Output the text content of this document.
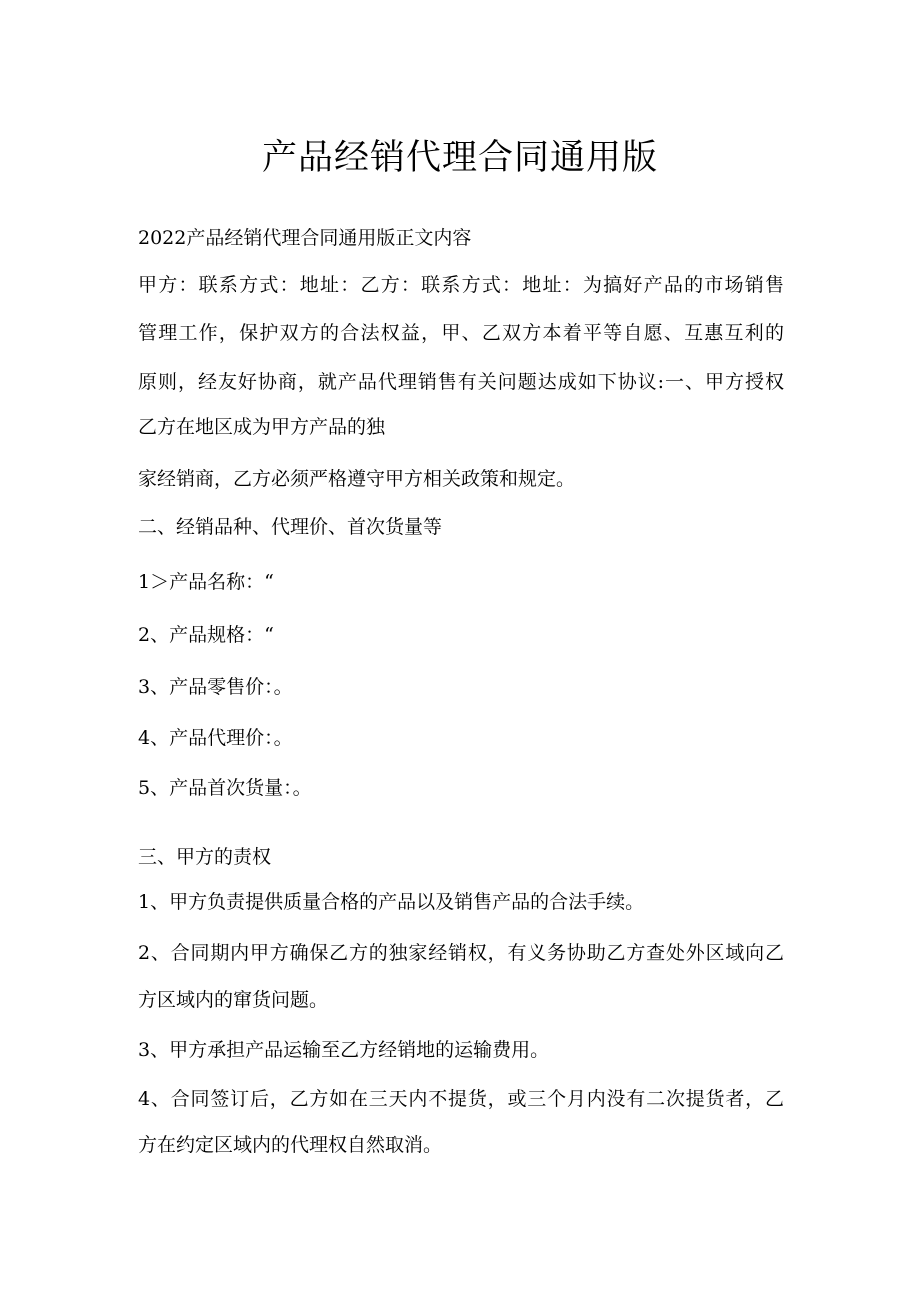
产品经销代理合同通用版
2022产品经销代理合同通用版正文内容
甲方：联系方式：地址：乙方：联系方式：地址：为搞好产品的市场销售
管理工作，保护双方的合法权益，甲、乙双方本着平等自愿、互惠互利的
原则，经友好协商，就产品代理销售有关问题达成如下协议:一、甲方授权
乙方在地区成为甲方产品的独
家经销商，乙方必须严格遵守甲方相关政策和规定。
二、经销品种、代理价、首次货量等
1＞产品名称：“
2、产品规格：“
3、产品零售价：。
4、产品代理价：。
5、产品首次货量：。
三、甲方的责权
1、甲方负责提供质量合格的产品以及销售产品的合法手续。
2、合同期内甲方确保乙方的独家经销权，有义务协助乙方查处外区域向乙
方区域内的窜货问题。
3、甲方承担产品运输至乙方经销地的运输费用。
4、合同签订后，乙方如在三天内不提货，或三个月内没有二次提货者，乙
方在约定区域内的代理权自然取消。
